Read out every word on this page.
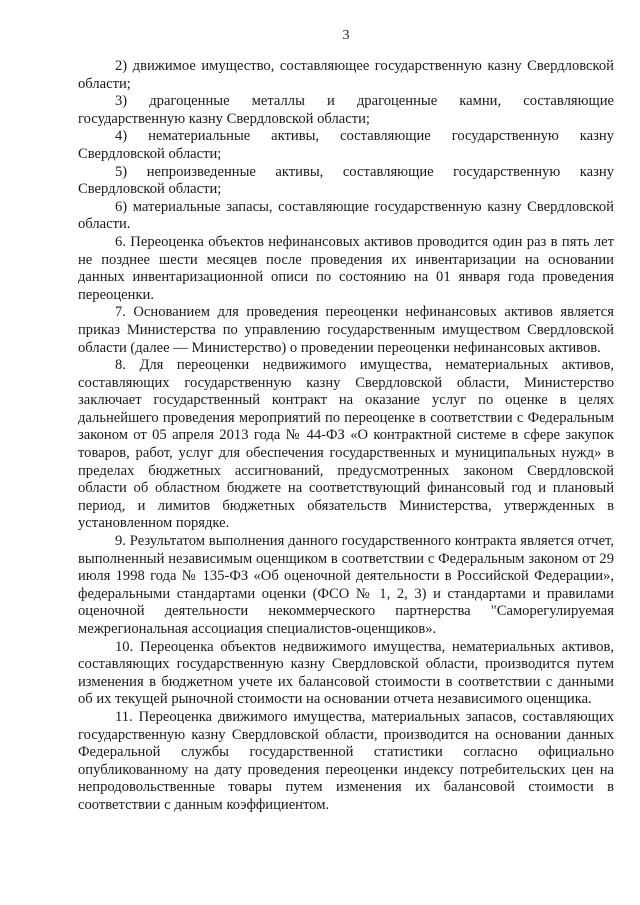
3

2) движимое имущество, составляющее государственную казну Свердловской области;

3) драгоценные металлы и драгоценные камни, составляющие государственную казну Свердловской области;

4) нематериальные активы, составляющие государственную казну Свердловской области;

5) непроизведенные активы, составляющие государственную казну Свердловской области;

6) материальные запасы, составляющие государственную казну Свердловской области.

6. Переоценка объектов нефинансовых активов проводится один раз в пять лет не позднее шести месяцев после проведения их инвентаризации на основании данных инвентаризационной описи по состоянию на 01 января года проведения переоценки.

7. Основанием для проведения переоценки нефинансовых активов является приказ Министерства по управлению государственным имуществом Свердловской области (далее — Министерство) о проведении переоценки нефинансовых активов.

8. Для переоценки недвижимого имущества, нематериальных активов, составляющих государственную казну Свердловской области, Министерство заключает государственный контракт на оказание услуг по оценке в целях дальнейшего проведения мероприятий по переоценке в соответствии с Федеральным законом от 05 апреля 2013 года № 44-ФЗ «О контрактной системе в сфере закупок товаров, работ, услуг для обеспечения государственных и муниципальных нужд» в пределах бюджетных ассигнований, предусмотренных законом Свердловской области об областном бюджете на соответствующий финансовый год и плановый период, и лимитов бюджетных обязательств Министерства, утвержденных в установленном порядке.

9. Результатом выполнения данного государственного контракта является отчет, выполненный независимым оценщиком в соответствии с Федеральным законом от 29 июля 1998 года № 135-ФЗ «Об оценочной деятельности в Российской Федерации», федеральными стандартами оценки (ФСО № 1, 2, 3) и стандартами и правилами оценочной деятельности некоммерческого партнерства "Саморегулируемая межрегиональная ассоциация специалистов-оценщиков».

10. Переоценка объектов недвижимого имущества, нематериальных активов, составляющих государственную казну Свердловской области, производится путем изменения в бюджетном учете их балансовой стоимости в соответствии с данными об их текущей рыночной стоимости на основании отчета независимого оценщика.

11. Переоценка движимого имущества, материальных запасов, составляющих государственную казну Свердловской области, производится на основании данных Федеральной службы государственной статистики согласно официально опубликованному на дату проведения переоценки индексу потребительских цен на непродовольственные товары путем изменения их балансовой стоимости в соответствии с данным коэффициентом.
